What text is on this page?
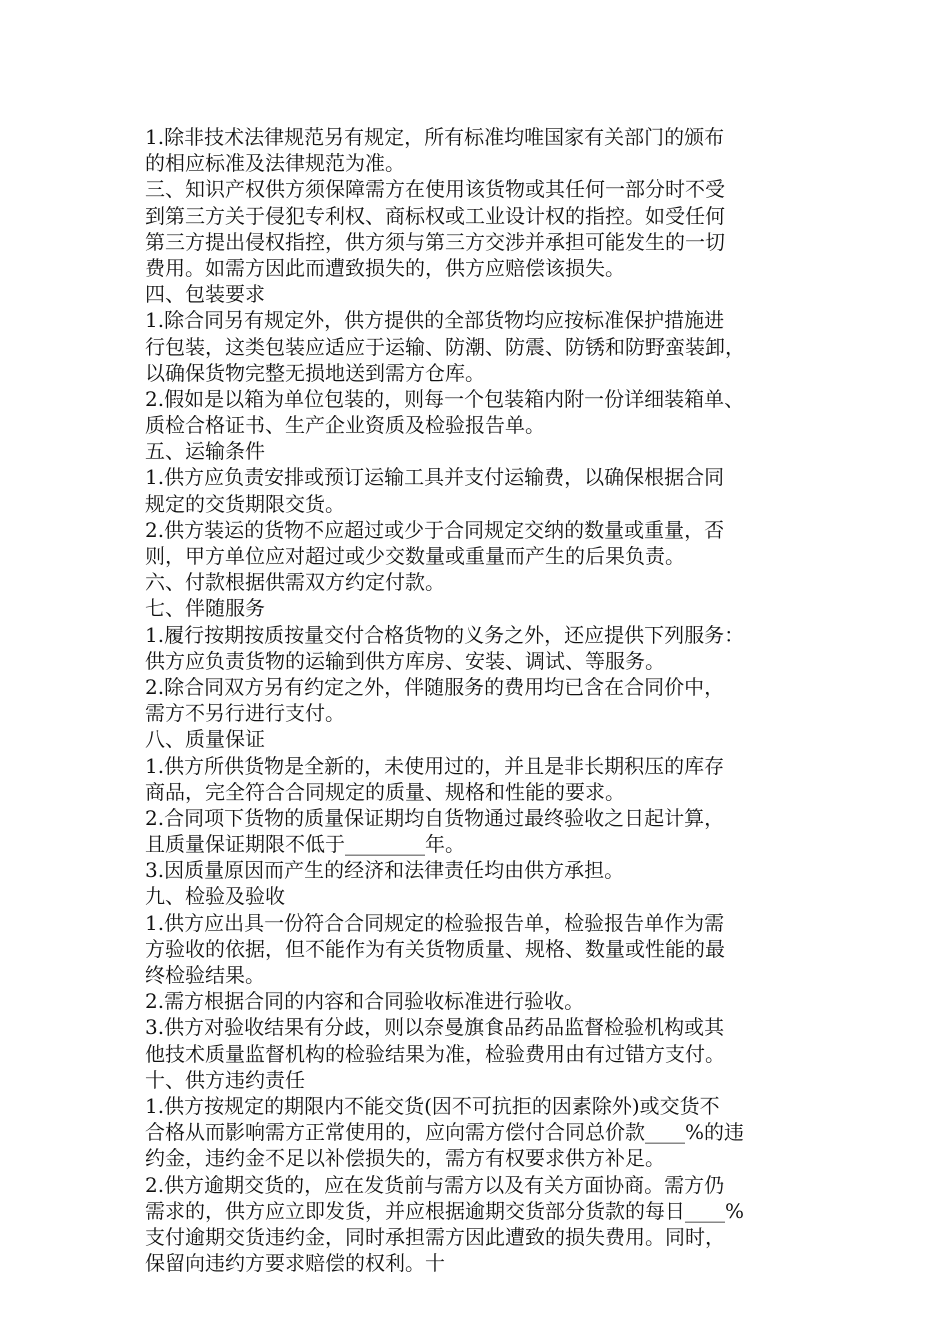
1.除非技术法律规范另有规定，所有标准均唯国家有关部门的颁布
的相应标准及法律规范为准。
三、知识产权供方须保障需方在使用该货物或其任何一部分时不受
到第三方关于侵犯专利权、商标权或工业设计权的指控。如受任何
第三方提出侵权指控，供方须与第三方交涉并承担可能发生的一切
费用。如需方因此而遭致损失的，供方应赔偿该损失。
四、包装要求
1.除合同另有规定外，供方提供的全部货物均应按标准保护措施进
行包装，这类包装应适应于运输、防潮、防震、防锈和防野蛮装卸，
以确保货物完整无损地送到需方仓库。
2.假如是以箱为单位包装的，则每一个包装箱内附一份详细装箱单、
质检合格证书、生产企业资质及检验报告单。
五、运输条件
1.供方应负责安排或预订运输工具并支付运输费，以确保根据合同
规定的交货期限交货。
2.供方装运的货物不应超过或少于合同规定交纳的数量或重量，否
则，甲方单位应对超过或少交数量或重量而产生的后果负责。
六、付款根据供需双方约定付款。
七、伴随服务
1.履行按期按质按量交付合格货物的义务之外，还应提供下列服务：
供方应负责货物的运输到供方库房、安装、调试、等服务。
2.除合同双方另有约定之外，伴随服务的费用均已含在合同价中，
需方不另行进行支付。
八、质量保证
1.供方所供货物是全新的，未使用过的，并且是非长期积压的库存
商品，完全符合合同规定的质量、规格和性能的要求。
2.合同项下货物的质量保证期均自货物通过最终验收之日起计算，
且质量保证期限不低于________年。
3.因质量原因而产生的经济和法律责任均由供方承担。
九、检验及验收
1.供方应出具一份符合合同规定的检验报告单，检验报告单作为需
方验收的依据，但不能作为有关货物质量、规格、数量或性能的最
终检验结果。
2.需方根据合同的内容和合同验收标准进行验收。
3.供方对验收结果有分歧，则以奈曼旗食品药品监督检验机构或其
他技术质量监督机构的检验结果为准，检验费用由有过错方支付。
十、供方违约责任
1.供方按规定的期限内不能交货(因不可抗拒的因素除外)或交货不
合格从而影响需方正常使用的，应向需方偿付合同总价款____%的违
约金，违约金不足以补偿损失的，需方有权要求供方补足。
2.供方逾期交货的，应在发货前与需方以及有关方面协商。需方仍
需求的，供方应立即发货，并应根据逾期交货部分货款的每日____%
支付逾期交货违约金，同时承担需方因此遭致的损失费用。同时，
保留向违约方要求赔偿的权利。十
